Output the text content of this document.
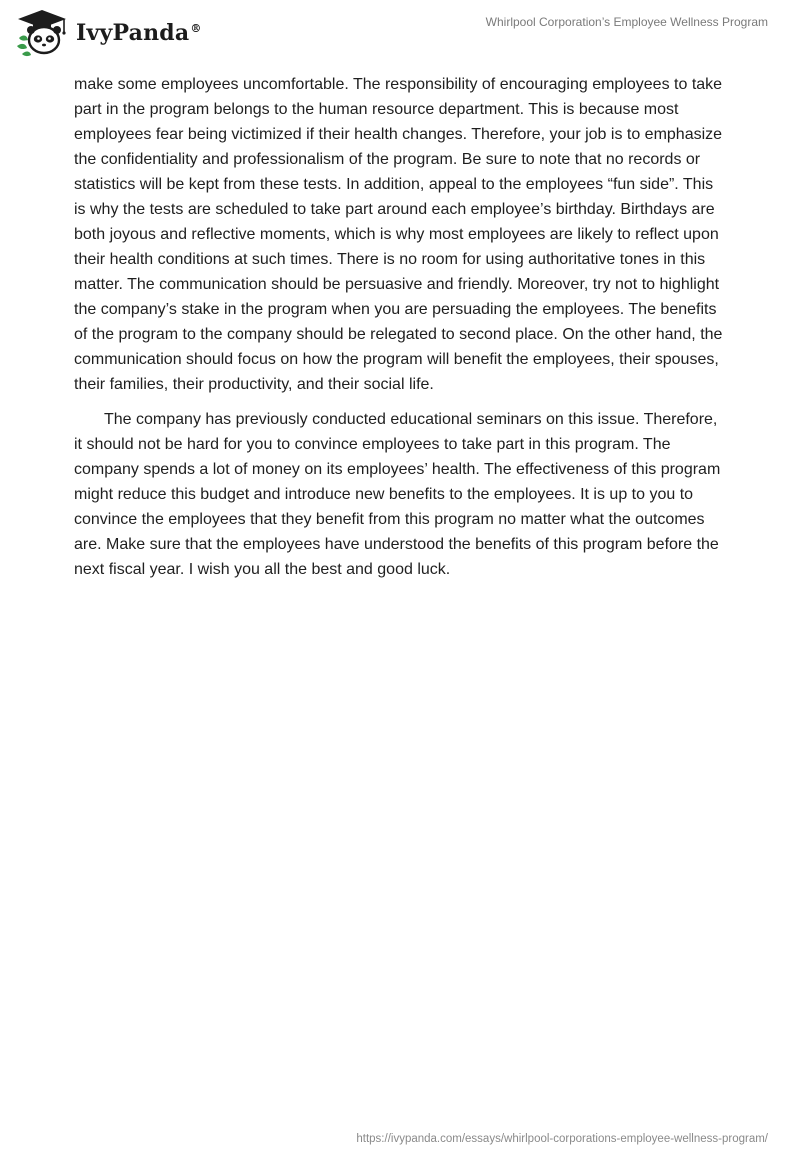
IvyPanda®	Whirlpool Corporation’s Employee Wellness Program

make some employees uncomfortable. The responsibility of encouraging employees to take part in the program belongs to the human resource department. This is because most employees fear being victimized if their health changes. Therefore, your job is to emphasize the confidentiality and professionalism of the program. Be sure to note that no records or statistics will be kept from these tests. In addition, appeal to the employees “fun side”. This is why the tests are scheduled to take part around each employee’s birthday. Birthdays are both joyous and reflective moments, which is why most employees are likely to reflect upon their health conditions at such times. There is no room for using authoritative tones in this matter. The communication should be persuasive and friendly. Moreover, try not to highlight the company’s stake in the program when you are persuading the employees. The benefits of the program to the company should be relegated to second place. On the other hand, the communication should focus on how the program will benefit the employees, their spouses, their families, their productivity, and their social life.

The company has previously conducted educational seminars on this issue. Therefore, it should not be hard for you to convince employees to take part in this program. The company spends a lot of money on its employees’ health. The effectiveness of this program might reduce this budget and introduce new benefits to the employees. It is up to you to convince the employees that they benefit from this program no matter what the outcomes are. Make sure that the employees have understood the benefits of this program before the next fiscal year. I wish you all the best and good luck.

https://ivypanda.com/essays/whirlpool-corporations-employee-wellness-program/
